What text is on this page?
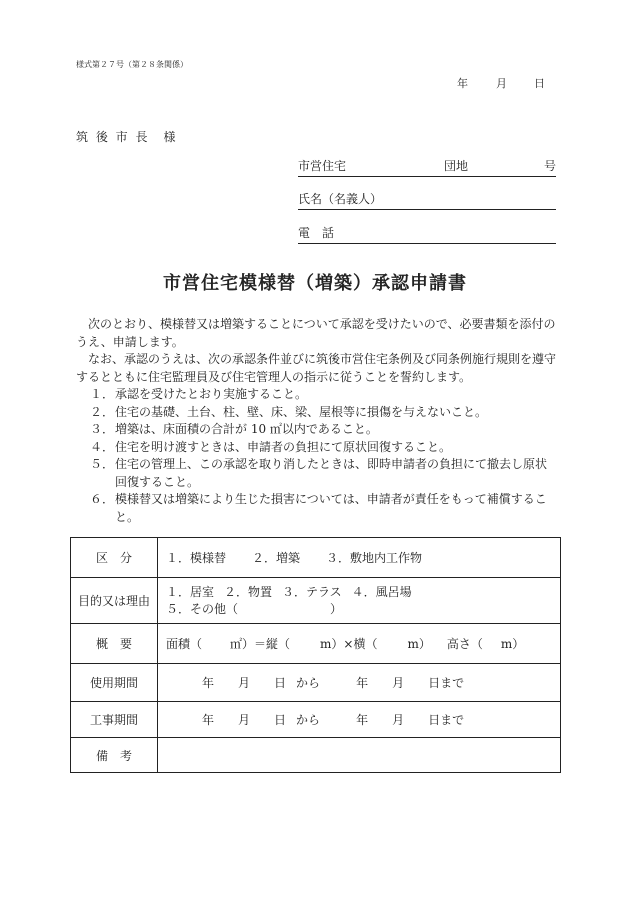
様式第２７号（第２８条関係）
年	月 日
筑 後 市 長　様
市営住宅	団地	号
氏名（名義人）
電　話
市営住宅模様替（増築）承認申請書

次のとおり、模様替又は増築することについて承認を受けたいので、必要書類を添付のうえ、申請します。

なお、承認のうえは、次の承認条件並びに筑後市営住宅条例及び同条例施行規則を遵守するとともに住宅監理員及び住宅管理人の指示に従うことを誓約します。

１． 承認を受けたとおり実施すること。
２． 住宅の基礎、土台、柱、壁、床、梁、屋根等に損傷を与えないこと。
３． 増築は、床面積の合計が 10 ㎡以内であること。
４． 住宅を明け渡すときは、申請者の負担にて原状回復すること。
５． 住宅の管理上、この承認を取り消したときは、即時申請者の負担にて撤去し原状回復すること。
６． 模様替又は増築により生じた損害については、申請者が責任をもって補償すること。
区　分	１．模様替 ２．増築 ３．敷地内工作物
目的又は理由	１．居室 ２．物置 ３．テラス ４．風呂場
５．その他（ ）

概　要	面積（ ㎡）＝縦（ m）×横（ m） 高さ（ m）
使用期間	年 月 日 から 年 月 日まで
工事期間	年 月 日 から 年 月 日まで
備　考	
